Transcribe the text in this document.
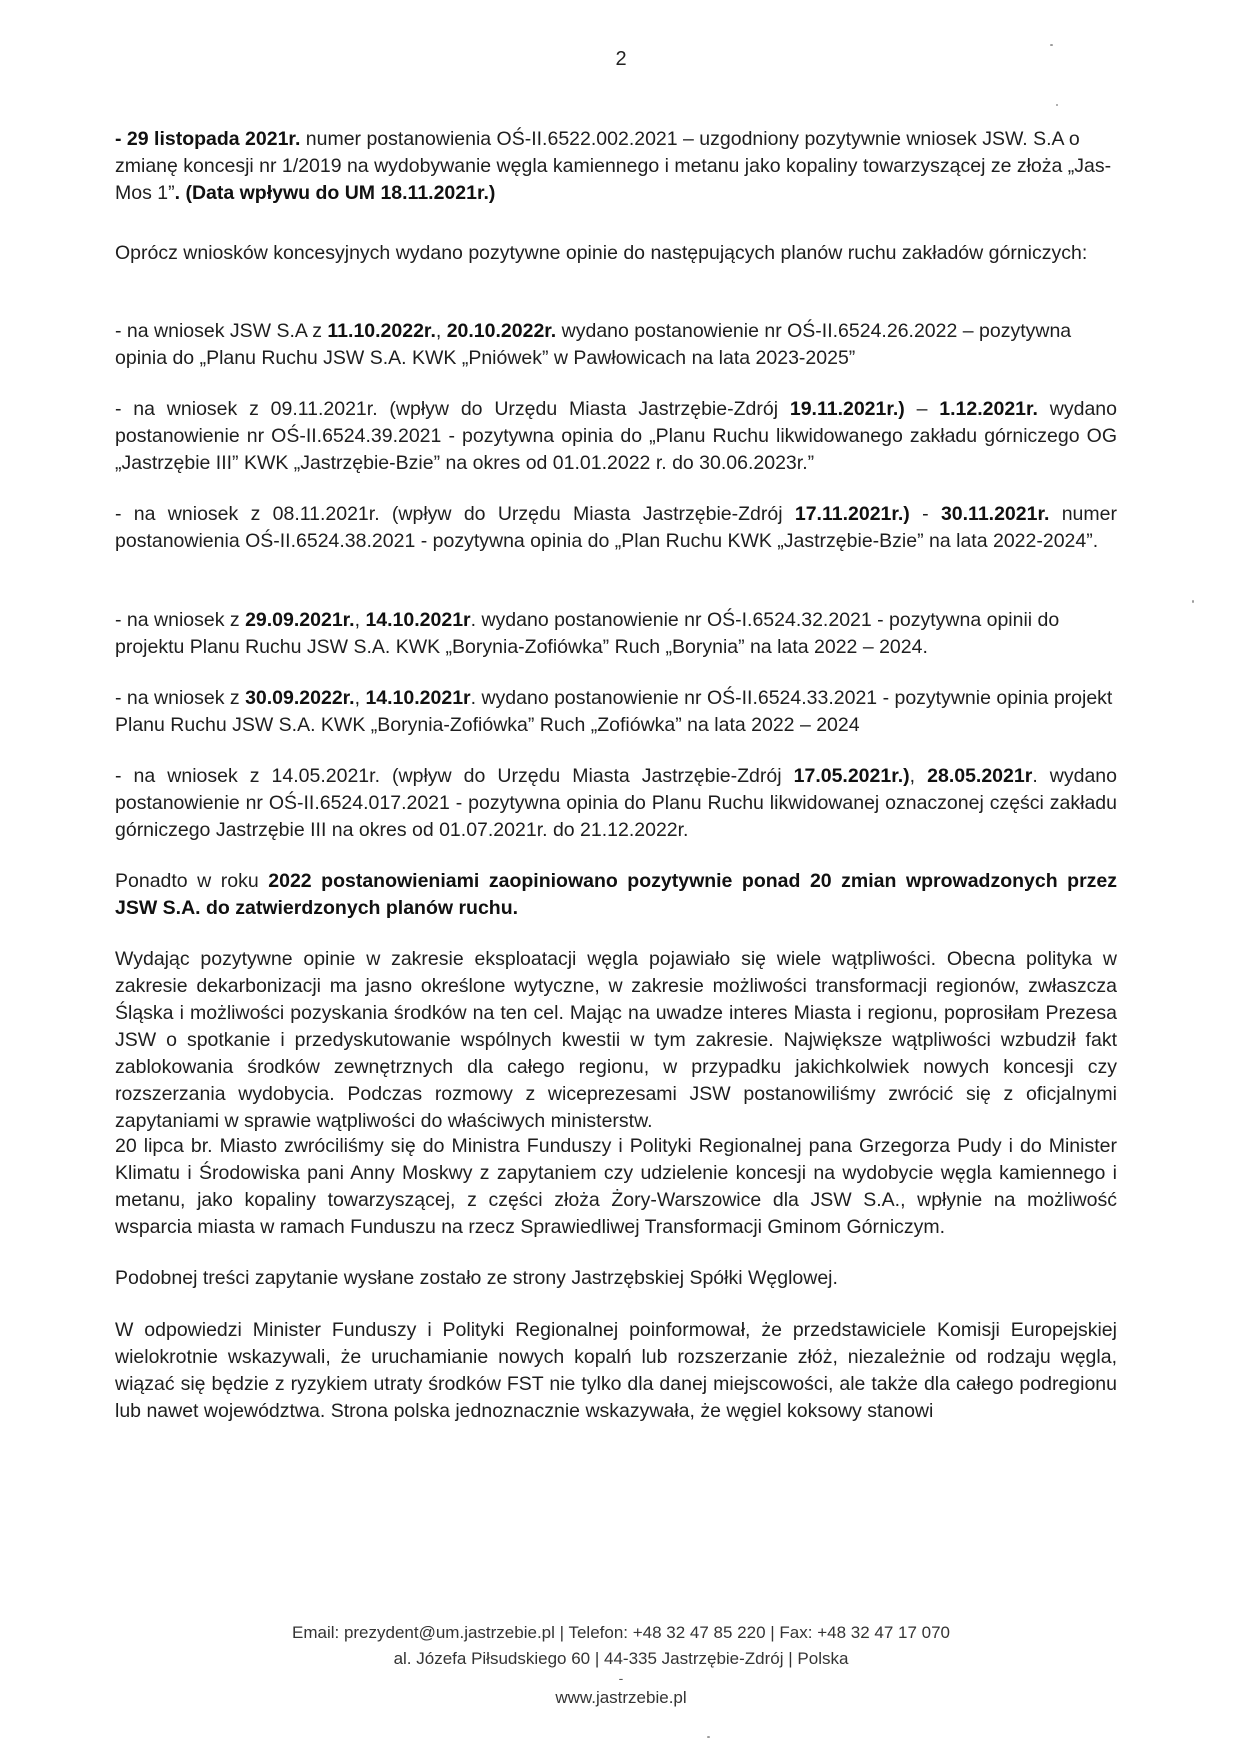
2

- 29 listopada 2021r. numer postanowienia OŚ-II.6522.002.2021 – uzgodniony pozytywnie wniosek JSW. S.A o zmianę koncesji nr 1/2019 na wydobywanie węgla kamiennego i metanu jako kopaliny towarzyszącej ze złoża „Jas-Mos 1”. (Data wpływu do UM 18.11.2021r.)

Oprócz wniosków koncesyjnych wydano pozytywne opinie do następujących planów ruchu zakładów górniczych:

- na wniosek JSW S.A z 11.10.2022r., 20.10.2022r. wydano postanowienie nr OŚ-II.6524.26.2022 – pozytywna opinia do „Planu Ruchu JSW S.A. KWK „Pniówek” w Pawłowicach na lata 2023-2025”

- na wniosek z 09.11.2021r. (wpływ do Urzędu Miasta Jastrzębie-Zdrój 19.11.2021r.) – 1.12.2021r. wydano postanowienie nr OŚ-II.6524.39.2021 - pozytywna opinia do „Planu Ruchu likwidowanego zakładu górniczego OG „Jastrzębie III” KWK „Jastrzębie-Bzie” na okres od 01.01.2022 r. do 30.06.2023r.”

- na wniosek z 08.11.2021r. (wpływ do Urzędu Miasta Jastrzębie-Zdrój 17.11.2021r.) - 30.11.2021r. numer postanowienia OŚ-II.6524.38.2021 - pozytywna opinia do „Plan Ruchu KWK „Jastrzębie-Bzie” na lata 2022-2024”.

- na wniosek z 29.09.2021r., 14.10.2021r. wydano postanowienie nr OŚ-I.6524.32.2021 - pozytywna opinii do projektu Planu Ruchu JSW S.A. KWK „Borynia-Zofiówka” Ruch „Borynia” na lata 2022 – 2024.

- na wniosek z 30.09.2022r., 14.10.2021r. wydano postanowienie nr OŚ-II.6524.33.2021 - pozytywnie opinia projekt Planu Ruchu JSW S.A. KWK „Borynia-Zofiówka” Ruch „Zofiówka” na lata 2022 – 2024

- na wniosek z 14.05.2021r. (wpływ do Urzędu Miasta Jastrzębie-Zdrój 17.05.2021r.), 28.05.2021r. wydano postanowienie nr OŚ-II.6524.017.2021 - pozytywna opinia do Planu Ruchu likwidowanej oznaczonej części zakładu górniczego Jastrzębie III na okres od 01.07.2021r. do 21.12.2022r.

Ponadto w roku 2022 postanowieniami zaopiniowano pozytywnie ponad 20 zmian wprowadzonych przez JSW S.A. do zatwierdzonych planów ruchu.

Wydając pozytywne opinie w zakresie eksploatacji węgla pojawiało się wiele wątpliwości. Obecna polityka w zakresie dekarbonizacji ma jasno określone wytyczne, w zakresie możliwości transformacji regionów, zwłaszcza Śląska i możliwości pozyskania środków na ten cel. Mając na uwadze interes Miasta i regionu, poprosiłam Prezesa JSW o spotkanie i przedyskutowanie wspólnych kwestii w tym zakresie. Największe wątpliwości wzbudził fakt zablokowania środków zewnętrznych dla całego regionu, w przypadku jakichkolwiek nowych koncesji czy rozszerzania wydobycia. Podczas rozmowy z wiceprezesami JSW postanowiliśmy zwrócić się z oficjalnymi zapytaniami w sprawie wątpliwości do właściwych ministerstw.

20 lipca br. Miasto zwróciliśmy się do Ministra Funduszy i Polityki Regionalnej pana Grzegorza Pudy i do Minister Klimatu i Środowiska pani Anny Moskwy z zapytaniem czy udzielenie koncesji na wydobycie węgla kamiennego i metanu, jako kopaliny towarzyszącej, z części złoża Żory-Warszowice dla JSW S.A., wpłynie na możliwość wsparcia miasta w ramach Funduszu na rzecz Sprawiedliwej Transformacji Gminom Górniczym.

Podobnej treści zapytanie wysłane zostało ze strony Jastrzębskiej Spółki Węglowej.

W odpowiedzi Minister Funduszy i Polityki Regionalnej poinformował, że przedstawiciele Komisji Europejskiej wielokrotnie wskazywali, że uruchamianie nowych kopalń lub rozszerzanie złóż, niezależnie od rodzaju węgla, wiązać się będzie z ryzykiem utraty środków FST nie tylko dla danej miejscowości, ale także dla całego podregionu lub nawet województwa. Strona polska jednoznacznie wskazywała, że węgiel koksowy stanowi

Email: prezydent@um.jastrzebie.pl | Telefon: +48 32 47 85 220 | Fax: +48 32 47 17 070
al. Józefa Piłsudskiego 60 | 44-335 Jastrzębie-Zdrój | Polska
-
www.jastrzebie.pl
